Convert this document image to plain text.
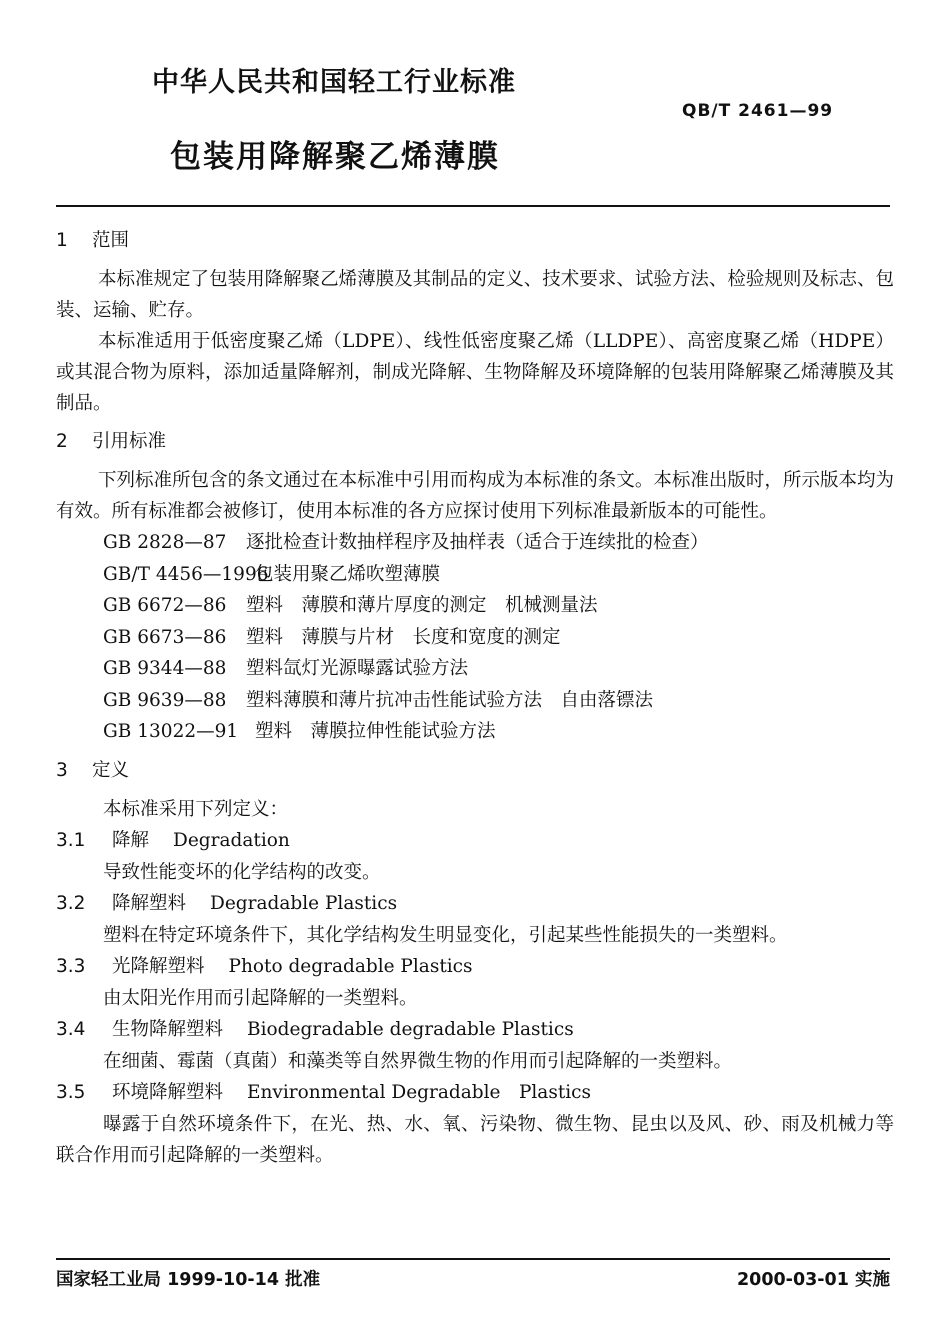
中华人民共和国轻工行业标准
QB/T 2461—99
包装用降解聚乙烯薄膜
1 范围

本标准规定了包装用降解聚乙烯薄膜及其制品的定义、技术要求、试验方法、检验规则及标志、包装、运输、贮存。

本标准适用于低密度聚乙烯（LDPE）、线性低密度聚乙烯（LLDPE）、高密度聚乙烯（HDPE）或其混合物为原料，添加适量降解剂，制成光降解、生物降解及环境降解的包装用降解聚乙烯薄膜及其制品。

2 引用标准

下列标准所包含的条文通过在本标准中引用而构成为本标准的条文。本标准出版时，所示版本均为有效。所有标准都会被修订，使用本标准的各方应探讨使用下列标准最新版本的可能性。

GB 2828—87 逐批检查计数抽样程序及抽样表（适合于连续批的检查）
GB/T 4456—1996包装用聚乙烯吹塑薄膜
GB 6672—86 塑料　薄膜和薄片厚度的测定　机械测量法
GB 6673—86 塑料　薄膜与片材　长度和宽度的测定
GB 9344—88 塑料氙灯光源曝露试验方法
GB 9639—88 塑料薄膜和薄片抗冲击性能试验方法　自由落镖法
GB 13022—91 塑料　薄膜拉伸性能试验方法
3 定义
本标准采用下列定义：
3.1 降解 Degradation
导致性能变坏的化学结构的改变。
3.2 降解塑料 Degradable Plastics
塑料在特定环境条件下，其化学结构发生明显变化，引起某些性能损失的一类塑料。
3.3 光降解塑料 Photo degradable Plastics
由太阳光作用而引起降解的一类塑料。
3.4 生物降解塑料 Biodegradable degradable Plastics
在细菌、霉菌（真菌）和藻类等自然界微生物的作用而引起降解的一类塑料。
3.5 环境降解塑料 Environmental Degradable　Plastics
曝露于自然环境条件下，在光、热、水、氧、污染物、微生物、昆虫以及风、砂、雨及机械力等联合作用而引起降解的一类塑料。
国家轻工业局 1999-10-14 批准	2000-03-01 实施
